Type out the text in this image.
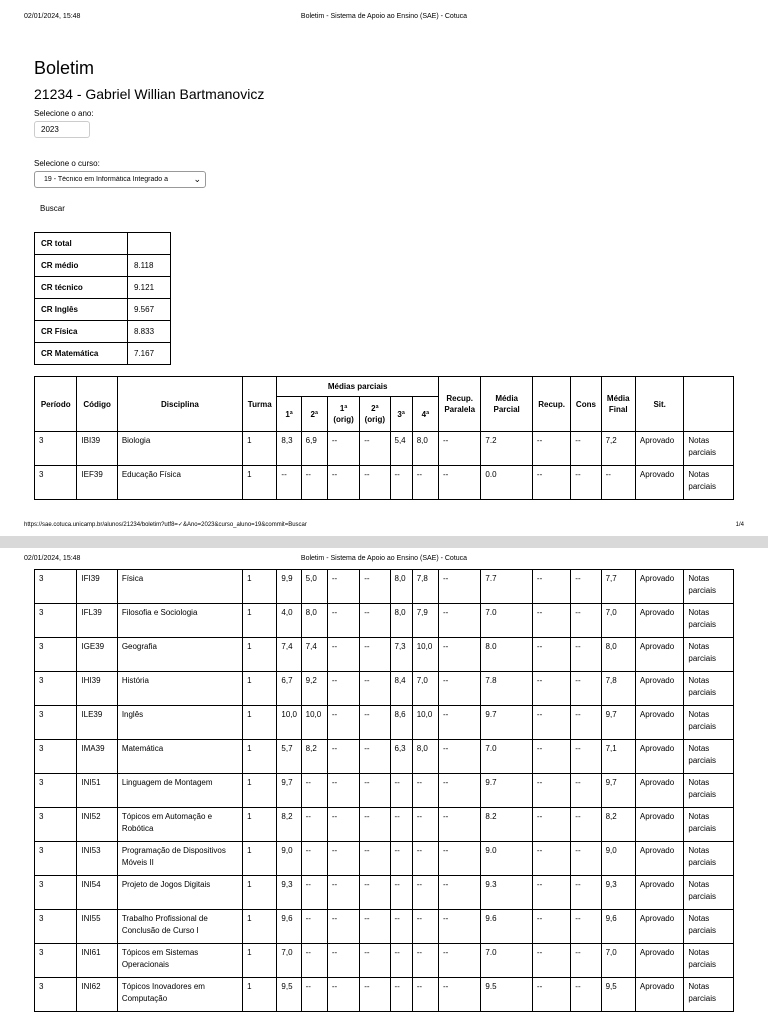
02/01/2024, 15:48	Boletim - Sistema de Apoio ao Ensino (SAE) - Cotuca
Boletim
21234 - Gabriel Willian Bartmanovicz
Selecione o ano:
2023
Selecione o curso:
19 - Técnico em Informática Integrado a	⌄
Buscar
CR total	
CR médio	8.118
CR técnico	9.121
CR Inglês	9.567
CR Física	8.833
CR Matemática	7.167
Período	Código	Disciplina	Turma	Médias parciais						Recup. Paralela	Média Parcial	Recup.	Cons	Média Final	Sit.	
				1ª	2ª	1ª (orig)	2ª (orig)	3ª	4ª							
3	IBI39	Biologia	1	8,3	6,9	--	--	5,4	8,0	--	7.2	--	--	7,2	Aprovado	Notas parciais
3	IEF39	Educação Física	1	--	--	--	--	--	--	--	0.0	--	--	--	Aprovado	Notas parciais
https://sae.cotuca.unicamp.br/alunos/21234/boletim?utf8=✓&Ano=2023&curso_aluno=19&commit=Buscar	1/4
02/01/2024, 15:48	Boletim - Sistema de Apoio ao Ensino (SAE) - Cotuca
3	IFI39	Física	1	9,9	5,0	--	--	8,0	7,8	--	7.7	--	--	7,7	Aprovado	Notas parciais
3	IFL39	Filosofia e Sociologia	1	4,0	8,0	--	--	8,0	7,9	--	7.0	--	--	7,0	Aprovado	Notas parciais
3	IGE39	Geografia	1	7,4	7,4	--	--	7,3	10,0	--	8.0	--	--	8,0	Aprovado	Notas parciais
3	IHI39	História	1	6,7	9,2	--	--	8,4	7,0	--	7.8	--	--	7,8	Aprovado	Notas parciais
3	ILE39	Inglês	1	10,0	10,0	--	--	8,6	10,0	--	9.7	--	--	9,7	Aprovado	Notas parciais
3	IMA39	Matemática	1	5,7	8,2	--	--	6,3	8,0	--	7.0	--	--	7,1	Aprovado	Notas parciais
3	INI51	Linguagem de Montagem	1	9,7	--	--	--	--	--	--	9.7	--	--	9,7	Aprovado	Notas parciais
3	INI52	Tópicos em Automação e Robótica	1	8,2	--	--	--	--	--	--	8.2	--	--	8,2	Aprovado	Notas parciais
3	INI53	Programação de Dispositivos Móveis II	1	9,0	--	--	--	--	--	--	9.0	--	--	9,0	Aprovado	Notas parciais
3	INI54	Projeto de Jogos Digitais	1	9,3	--	--	--	--	--	--	9.3	--	--	9,3	Aprovado	Notas parciais
3	INI55	Trabalho Profissional de Conclusão de Curso I	1	9,6	--	--	--	--	--	--	9.6	--	--	9,6	Aprovado	Notas parciais
3	INI61	Tópicos em Sistemas Operacionais	1	7,0	--	--	--	--	--	--	7.0	--	--	7,0	Aprovado	Notas parciais
3	INI62	Tópicos Inovadores em Computação	1	9,5	--	--	--	--	--	--	9.5	--	--	9,5	Aprovado	Notas parciais
